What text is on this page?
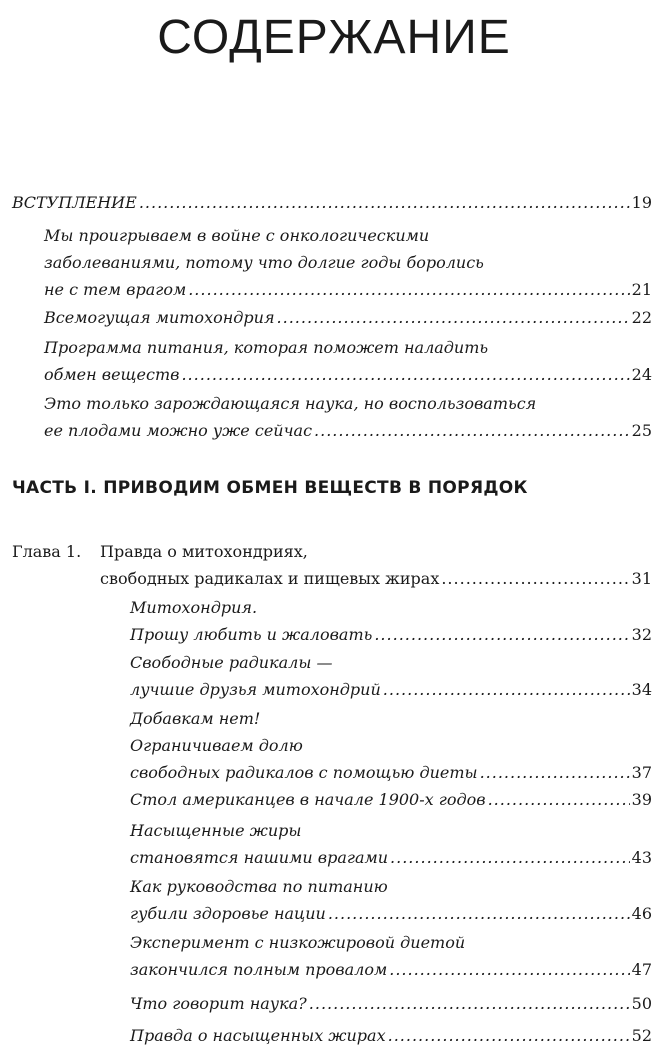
СОДЕРЖАНИЕ
ВСТУПЛЕНИЕ .....	19
Мы проигрываем в войне с онкологическими
заболеваниями, потому что долгие годы боролись
не с тем врагом .....	21
Всемогущая митохондрия .....	22
Программа питания, которая поможет наладить
обмен веществ .....	24
Это только зарождающаяся наука, но воспользоваться
ее плодами можно уже сейчас .....	25
ЧАСТЬ I. ПРИВОДИМ ОБМЕН ВЕЩЕСТВ В ПОРЯДОК
Глава 1. Правда о митохондриях,
свободных радикалах и пищевых жирах .....	31
Митохондрия.
Прошу любить и жаловать .....	32
Свободные радикалы —
лучшие друзья митохондрий .....	34
Добавкам нет!
Ограничиваем долю
свободных радикалов с помощью диеты .....	37
Стол американцев в начале 1900-х годов .....	39
Насыщенные жиры
становятся нашими врагами .....	43
Как руководства по питанию
губили здоровье нации .....	46
Эксперимент с низкожировой диетой
закончился полным провалом .....	47
Что говорит наука? .....	50
Правда о насыщенных жирах .....	52
